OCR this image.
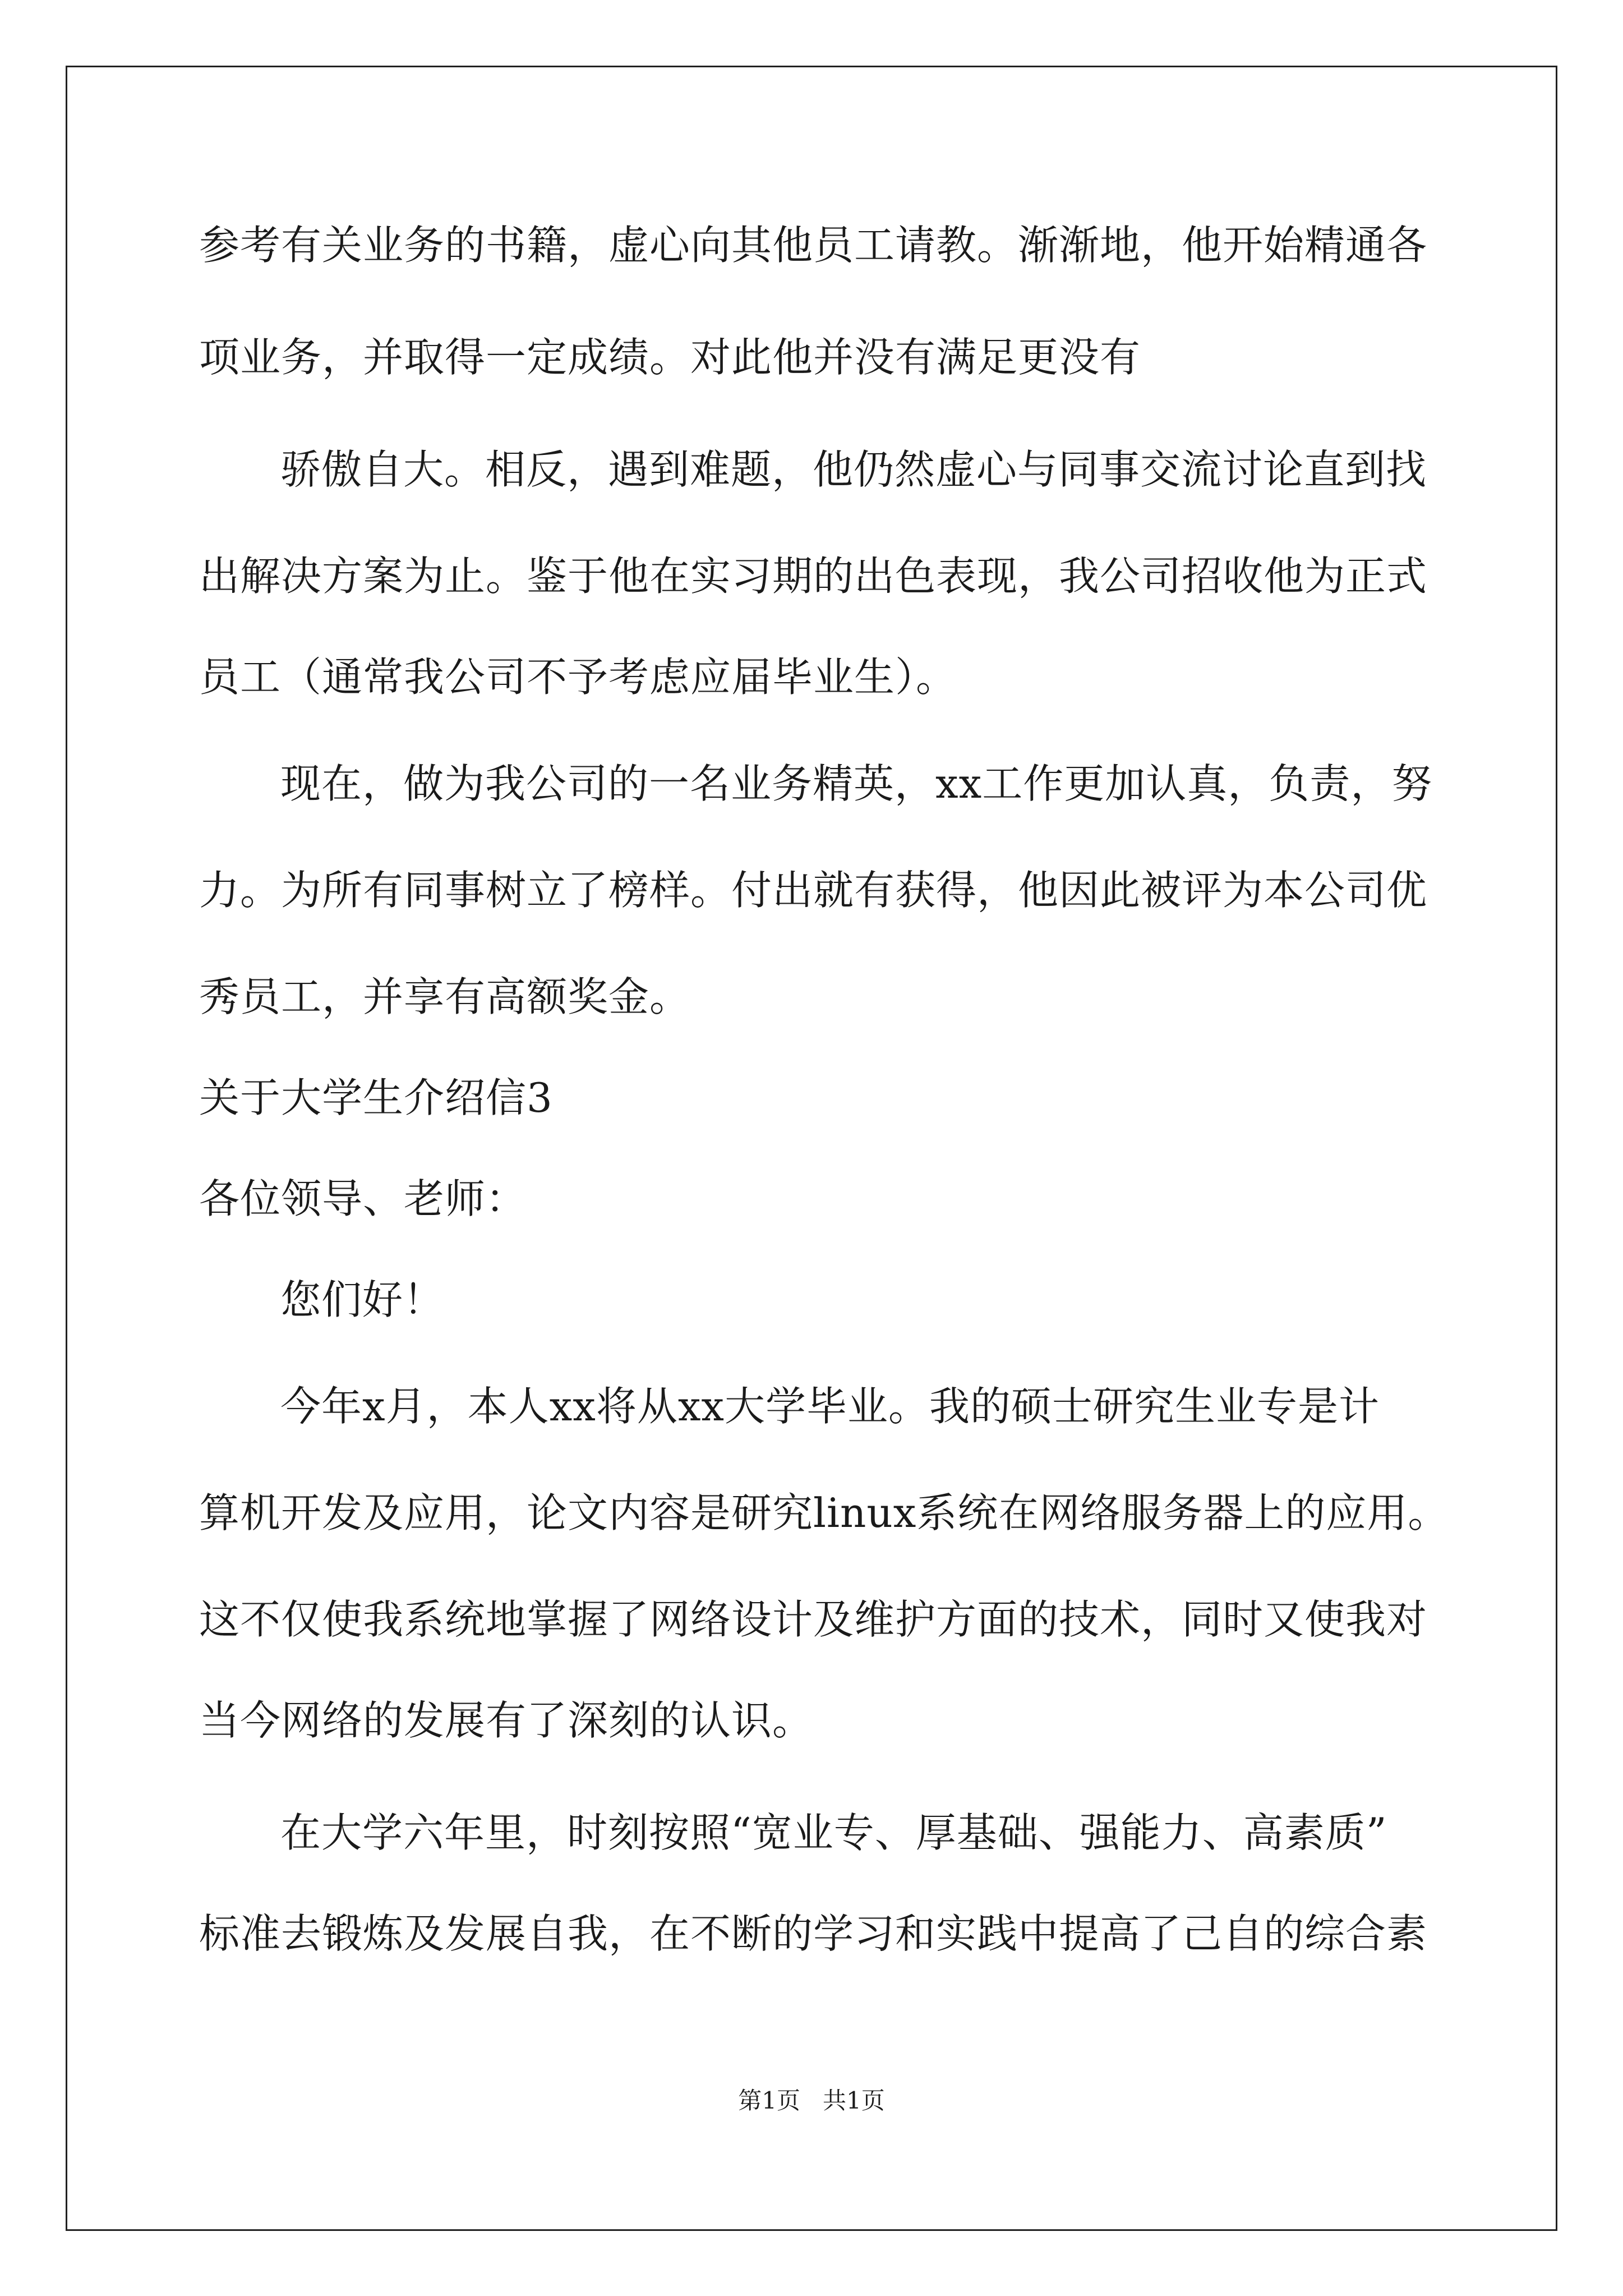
参考有关业务的书籍，虚心向其他员工请教。渐渐地，他开始精通各
项业务，并取得一定成绩。对此他并没有满足更没有
骄傲自大。相反，遇到难题，他仍然虚心与同事交流讨论直到找
出解决方案为止。鉴于他在实习期的出色表现，我公司招收他为正式
员工（通常我公司不予考虑应届毕业生）。
现在，做为我公司的一名业务精英，xx工作更加认真，负责，努
力。为所有同事树立了榜样。付出就有获得，他因此被评为本公司优
秀员工，并享有高额奖金。
关于大学生介绍信3
各位领导、老师：
您们好！
今年x月，本人xx将从xx大学毕业。我的硕士研究生业专是计
算机开发及应用，论文内容是研究linux系统在网络服务器上的应用。
这不仅使我系统地掌握了网络设计及维护方面的技术，同时又使我对
当今网络的发展有了深刻的认识。
在大学六年里，时刻按照“宽业专、厚基础、强能力、高素质”
标准去锻炼及发展自我，在不断的学习和实践中提高了己自的综合素
第1页   共1页
